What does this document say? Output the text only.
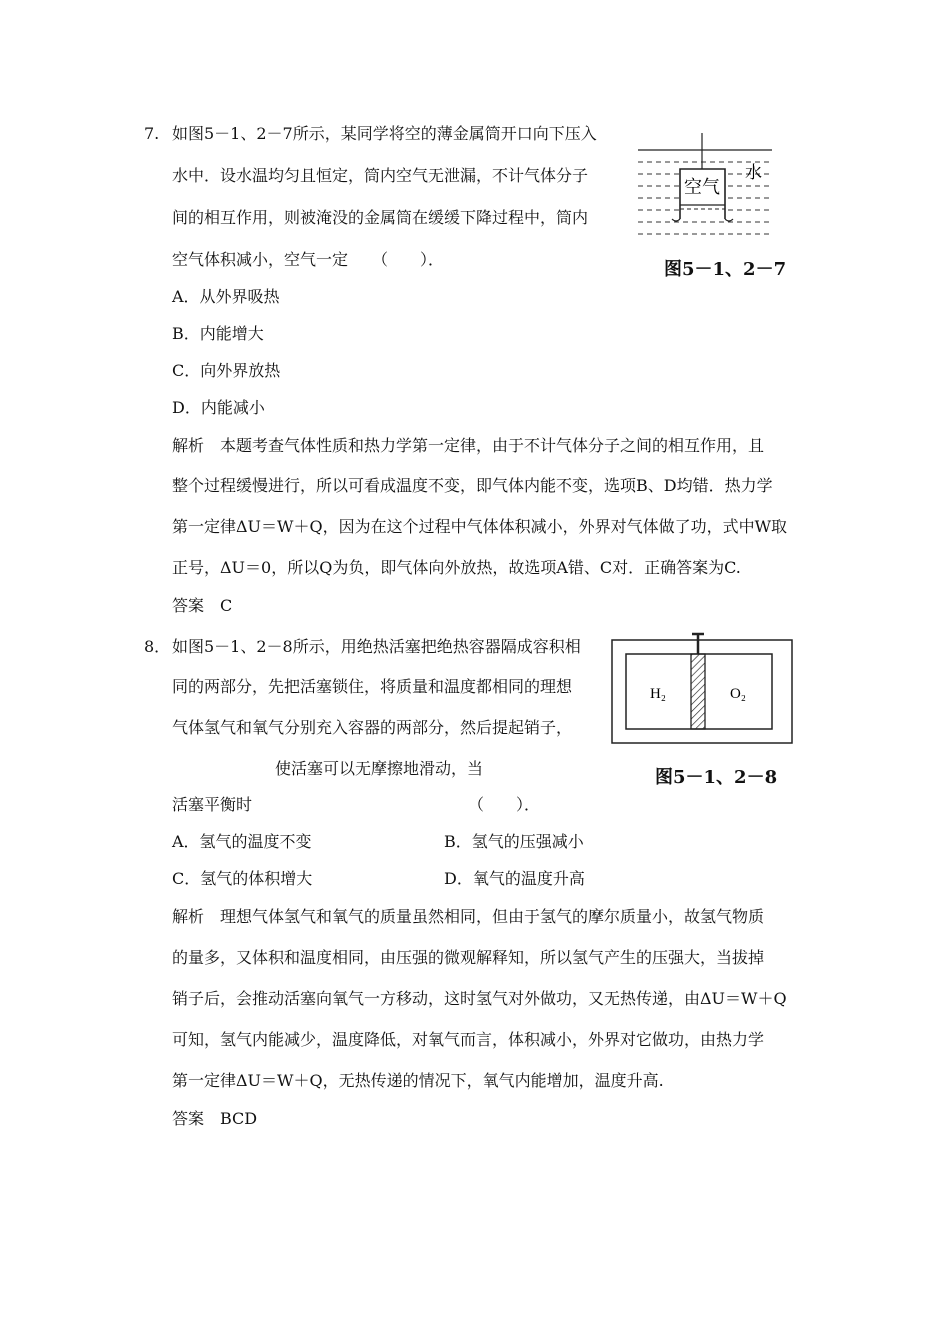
7. 如图5－1、2－7所示，某同学将空的薄金属筒开口向下压入
水中．设水温均匀且恒定，筒内空气无泄漏，不计气体分子
间的相互作用，则被淹没的金属筒在缓缓下降过程中，筒内
空气体积减小，空气一定　　（　　）．
A．从外界吸热
B．内能增大
C．向外界放热
D．内能减小
解析　本题考查气体性质和热力学第一定律，由于不计气体分子之间的相互作用，且
整个过程缓慢进行，所以可看成温度不变，即气体内能不变，选项B、D均错．热力学
第一定律ΔU＝W＋Q，因为在这个过程中气体体积减小，外界对气体做了功，式中W取
正号，ΔU＝0，所以Q为负，即气体向外放热，故选项A错、C对．正确答案为C.
答案　C
空气
水
图5－1、2－7
8． 如图5－1、2－8所示，用绝热活塞把绝热容器隔成容积相
同的两部分，先把活塞锁住，将质量和温度都相同的理想
气体氢气和氧气分别充入容器的两部分，然后提起销子，
使活塞可以无摩擦地滑动，当
活塞平衡时　　　　　　　　　　　　　　（　　）．
A．氢气的温度不变	B．氢气的压强减小
C．氢气的体积增大	D．氧气的温度升高
解析　理想气体氢气和氧气的质量虽然相同，但由于氢气的摩尔质量小，故氢气物质
的量多，又体积和温度相同，由压强的微观解释知，所以氢气产生的压强大，当拔掉
销子后，会推动活塞向氧气一方移动，这时氢气对外做功，又无热传递，由ΔU＝W＋Q
可知，氢气内能减少，温度降低，对氧气而言，体积减小，外界对它做功，由热力学
第一定律ΔU＝W＋Q，无热传递的情况下，氧气内能增加，温度升高.
答案　BCD
H₂	O₂
图5－1、2－8
